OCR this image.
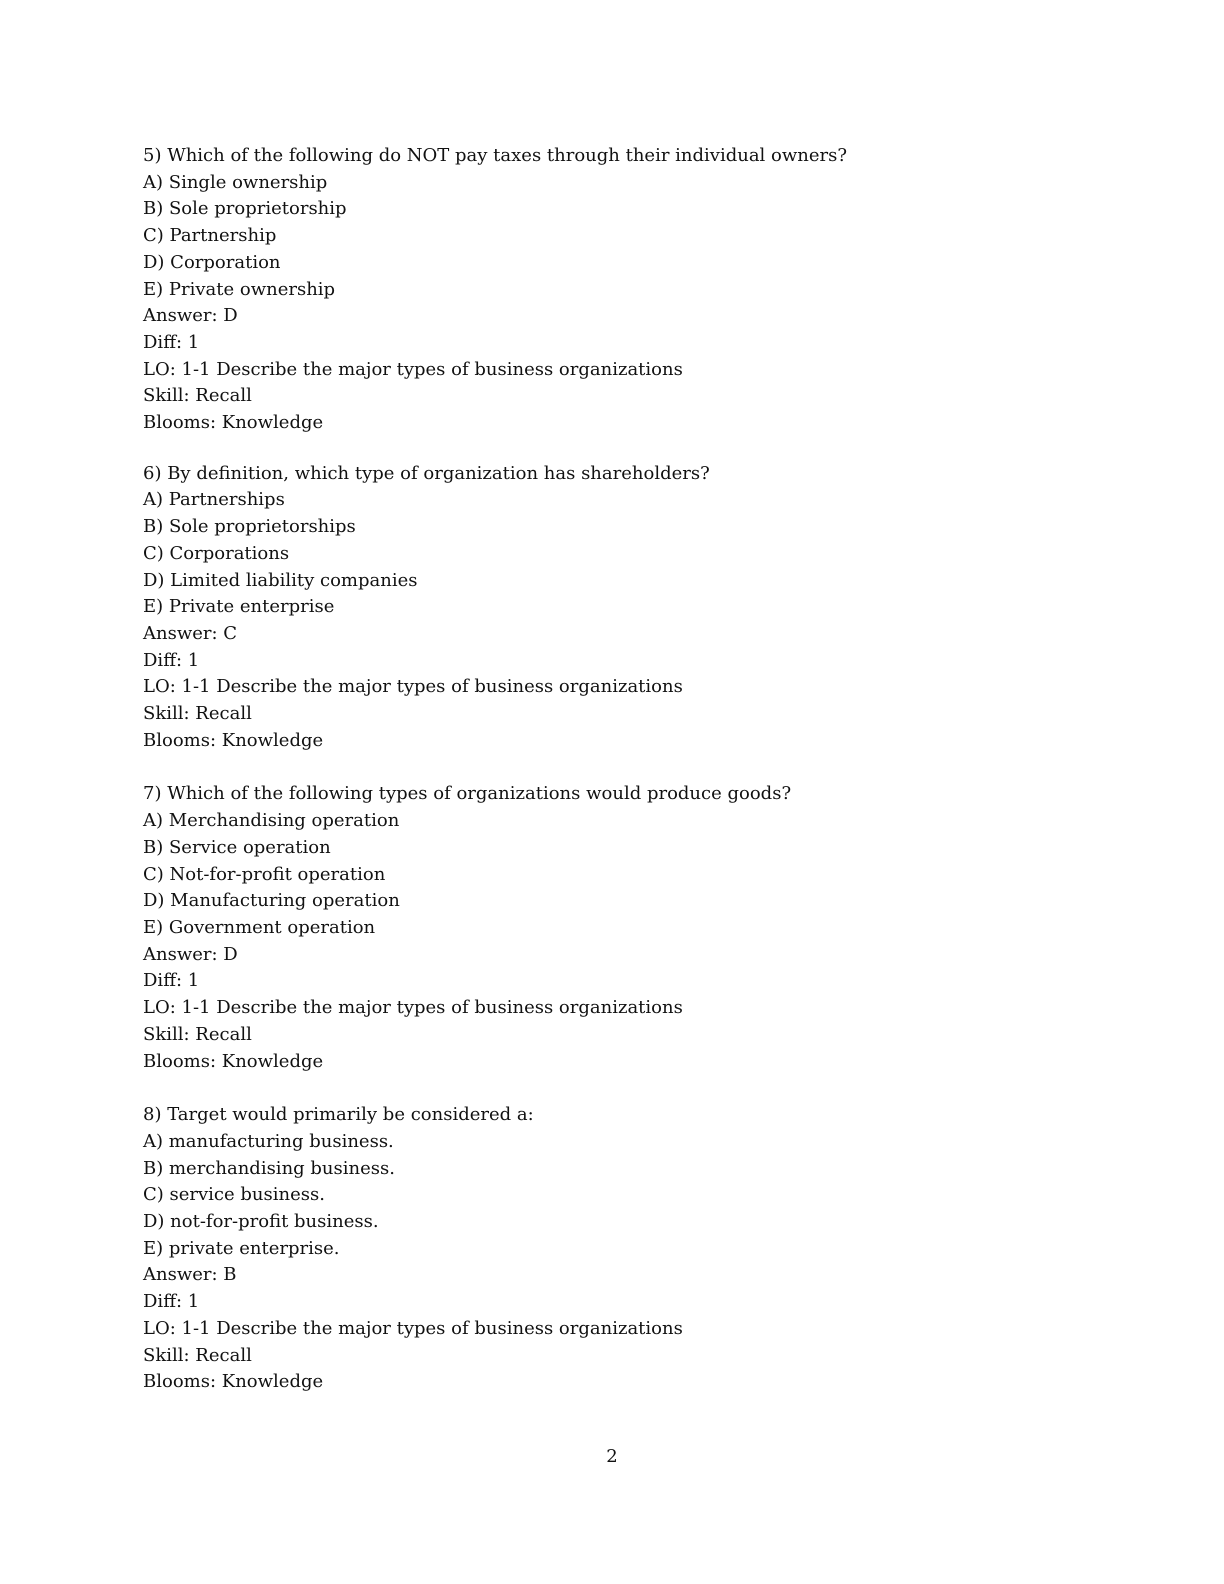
5) Which of the following do NOT pay taxes through their individual owners?

A) Single ownership

B) Sole proprietorship

C) Partnership

D) Corporation

E) Private ownership

Answer: D

Diff: 1

LO: 1-1 Describe the major types of business organizations

Skill: Recall

Blooms: Knowledge

6) By definition, which type of organization has shareholders?

A) Partnerships

B) Sole proprietorships

C) Corporations

D) Limited liability companies

E) Private enterprise

Answer: C

Diff: 1

LO: 1-1 Describe the major types of business organizations

Skill: Recall

Blooms: Knowledge

7) Which of the following types of organizations would produce goods?

A) Merchandising operation

B) Service operation

C) Not-for-profit operation

D) Manufacturing operation

E) Government operation

Answer: D

Diff: 1

LO: 1-1 Describe the major types of business organizations

Skill: Recall

Blooms: Knowledge

8) Target would primarily be considered a:

A) manufacturing business.

B) merchandising business.

C) service business.

D) not-for-profit business.

E) private enterprise.

Answer: B

Diff: 1

LO: 1-1 Describe the major types of business organizations

Skill: Recall

Blooms: Knowledge

2
